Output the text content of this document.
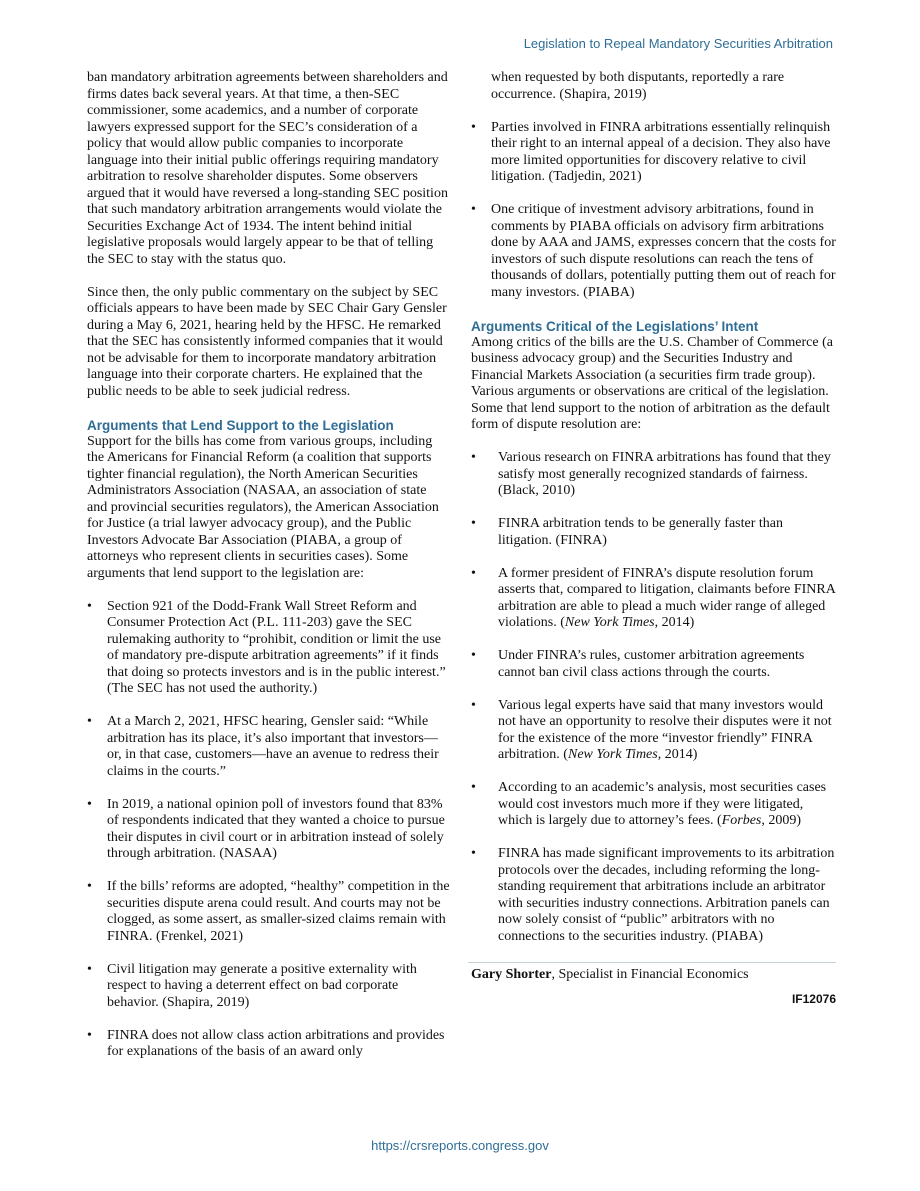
Legislation to Repeal Mandatory Securities Arbitration

ban mandatory arbitration agreements between shareholders and firms dates back several years. At that time, a then-SEC commissioner, some academics, and a number of corporate lawyers expressed support for the SEC’s consideration of a policy that would allow public companies to incorporate language into their initial public offerings requiring mandatory arbitration to resolve shareholder disputes. Some observers argued that it would have reversed a long-standing SEC position that such mandatory arbitration arrangements would violate the Securities Exchange Act of 1934. The intent behind initial legislative proposals would largely appear to be that of telling the SEC to stay with the status quo.

Since then, the only public commentary on the subject by SEC officials appears to have been made by SEC Chair Gary Gensler during a May 6, 2021, hearing held by the HFSC. He remarked that the SEC has consistently informed companies that it would not be advisable for them to incorporate mandatory arbitration language into their corporate charters. He explained that the public needs to be able to seek judicial redress.

Arguments that Lend Support to the Legislation

Support for the bills has come from various groups, including the Americans for Financial Reform (a coalition that supports tighter financial regulation), the North American Securities Administrators Association (NASAA, an association of state and provincial securities regulators), the American Association for Justice (a trial lawyer advocacy group), and the Public Investors Advocate Bar Association (PIABA, a group of attorneys who represent clients in securities cases). Some arguments that lend support to the legislation are:

• Section 921 of the Dodd-Frank Wall Street Reform and Consumer Protection Act (P.L. 111-203) gave the SEC rulemaking authority to “prohibit, condition or limit the use of mandatory pre-dispute arbitration agreements” if it finds that doing so protects investors and is in the public interest.” (The SEC has not used the authority.)
• At a March 2, 2021, HFSC hearing, Gensler said: “While arbitration has its place, it’s also important that investors—or, in that case, customers—have an avenue to redress their claims in the courts.”
• In 2019, a national opinion poll of investors found that 83% of respondents indicated that they wanted a choice to pursue their disputes in civil court or in arbitration instead of solely through arbitration. (NASAA)
• If the bills’ reforms are adopted, “healthy” competition in the securities dispute arena could result. And courts may not be clogged, as some assert, as smaller-sized claims remain with FINRA. (Frenkel, 2021)
• Civil litigation may generate a positive externality with respect to having a deterrent effect on bad corporate behavior. (Shapira, 2019)
• FINRA does not allow class action arbitrations and provides for explanations of the basis of an award only
when requested by both disputants, reportedly a rare occurrence. (Shapira, 2019)
• Parties involved in FINRA arbitrations essentially relinquish their right to an internal appeal of a decision. They also have more limited opportunities for discovery relative to civil litigation. (Tadjedin, 2021)
• One critique of investment advisory arbitrations, found in comments by PIABA officials on advisory firm arbitrations done by AAA and JAMS, expresses concern that the costs for investors of such dispute resolutions can reach the tens of thousands of dollars, potentially putting them out of reach for many investors. (PIABA)
Arguments Critical of the Legislations’ Intent

Among critics of the bills are the U.S. Chamber of Commerce (a business advocacy group) and the Securities Industry and Financial Markets Association (a securities firm trade group). Various arguments or observations are critical of the legislation. Some that lend support to the notion of arbitration as the default form of dispute resolution are:

• Various research on FINRA arbitrations has found that they satisfy most generally recognized standards of fairness. (Black, 2010)
• FINRA arbitration tends to be generally faster than litigation. (FINRA)
• A former president of FINRA’s dispute resolution forum asserts that, compared to litigation, claimants before FINRA arbitration are able to plead a much wider range of alleged violations. (New York Times, 2014)
• Under FINRA’s rules, customer arbitration agreements cannot ban civil class actions through the courts.
• Various legal experts have said that many investors would not have an opportunity to resolve their disputes were it not for the existence of the more “investor friendly” FINRA arbitration. (New York Times, 2014)
• According to an academic’s analysis, most securities cases would cost investors much more if they were litigated, which is largely due to attorney’s fees. (Forbes, 2009)
• FINRA has made significant improvements to its arbitration protocols over the decades, including reforming the long-standing requirement that arbitrations include an arbitrator with securities industry connections. Arbitration panels can now solely consist of “public” arbitrators with no connections to the securities industry. (PIABA)
Gary Shorter, Specialist in Financial Economics
IF12076
https://crsreports.congress.gov
